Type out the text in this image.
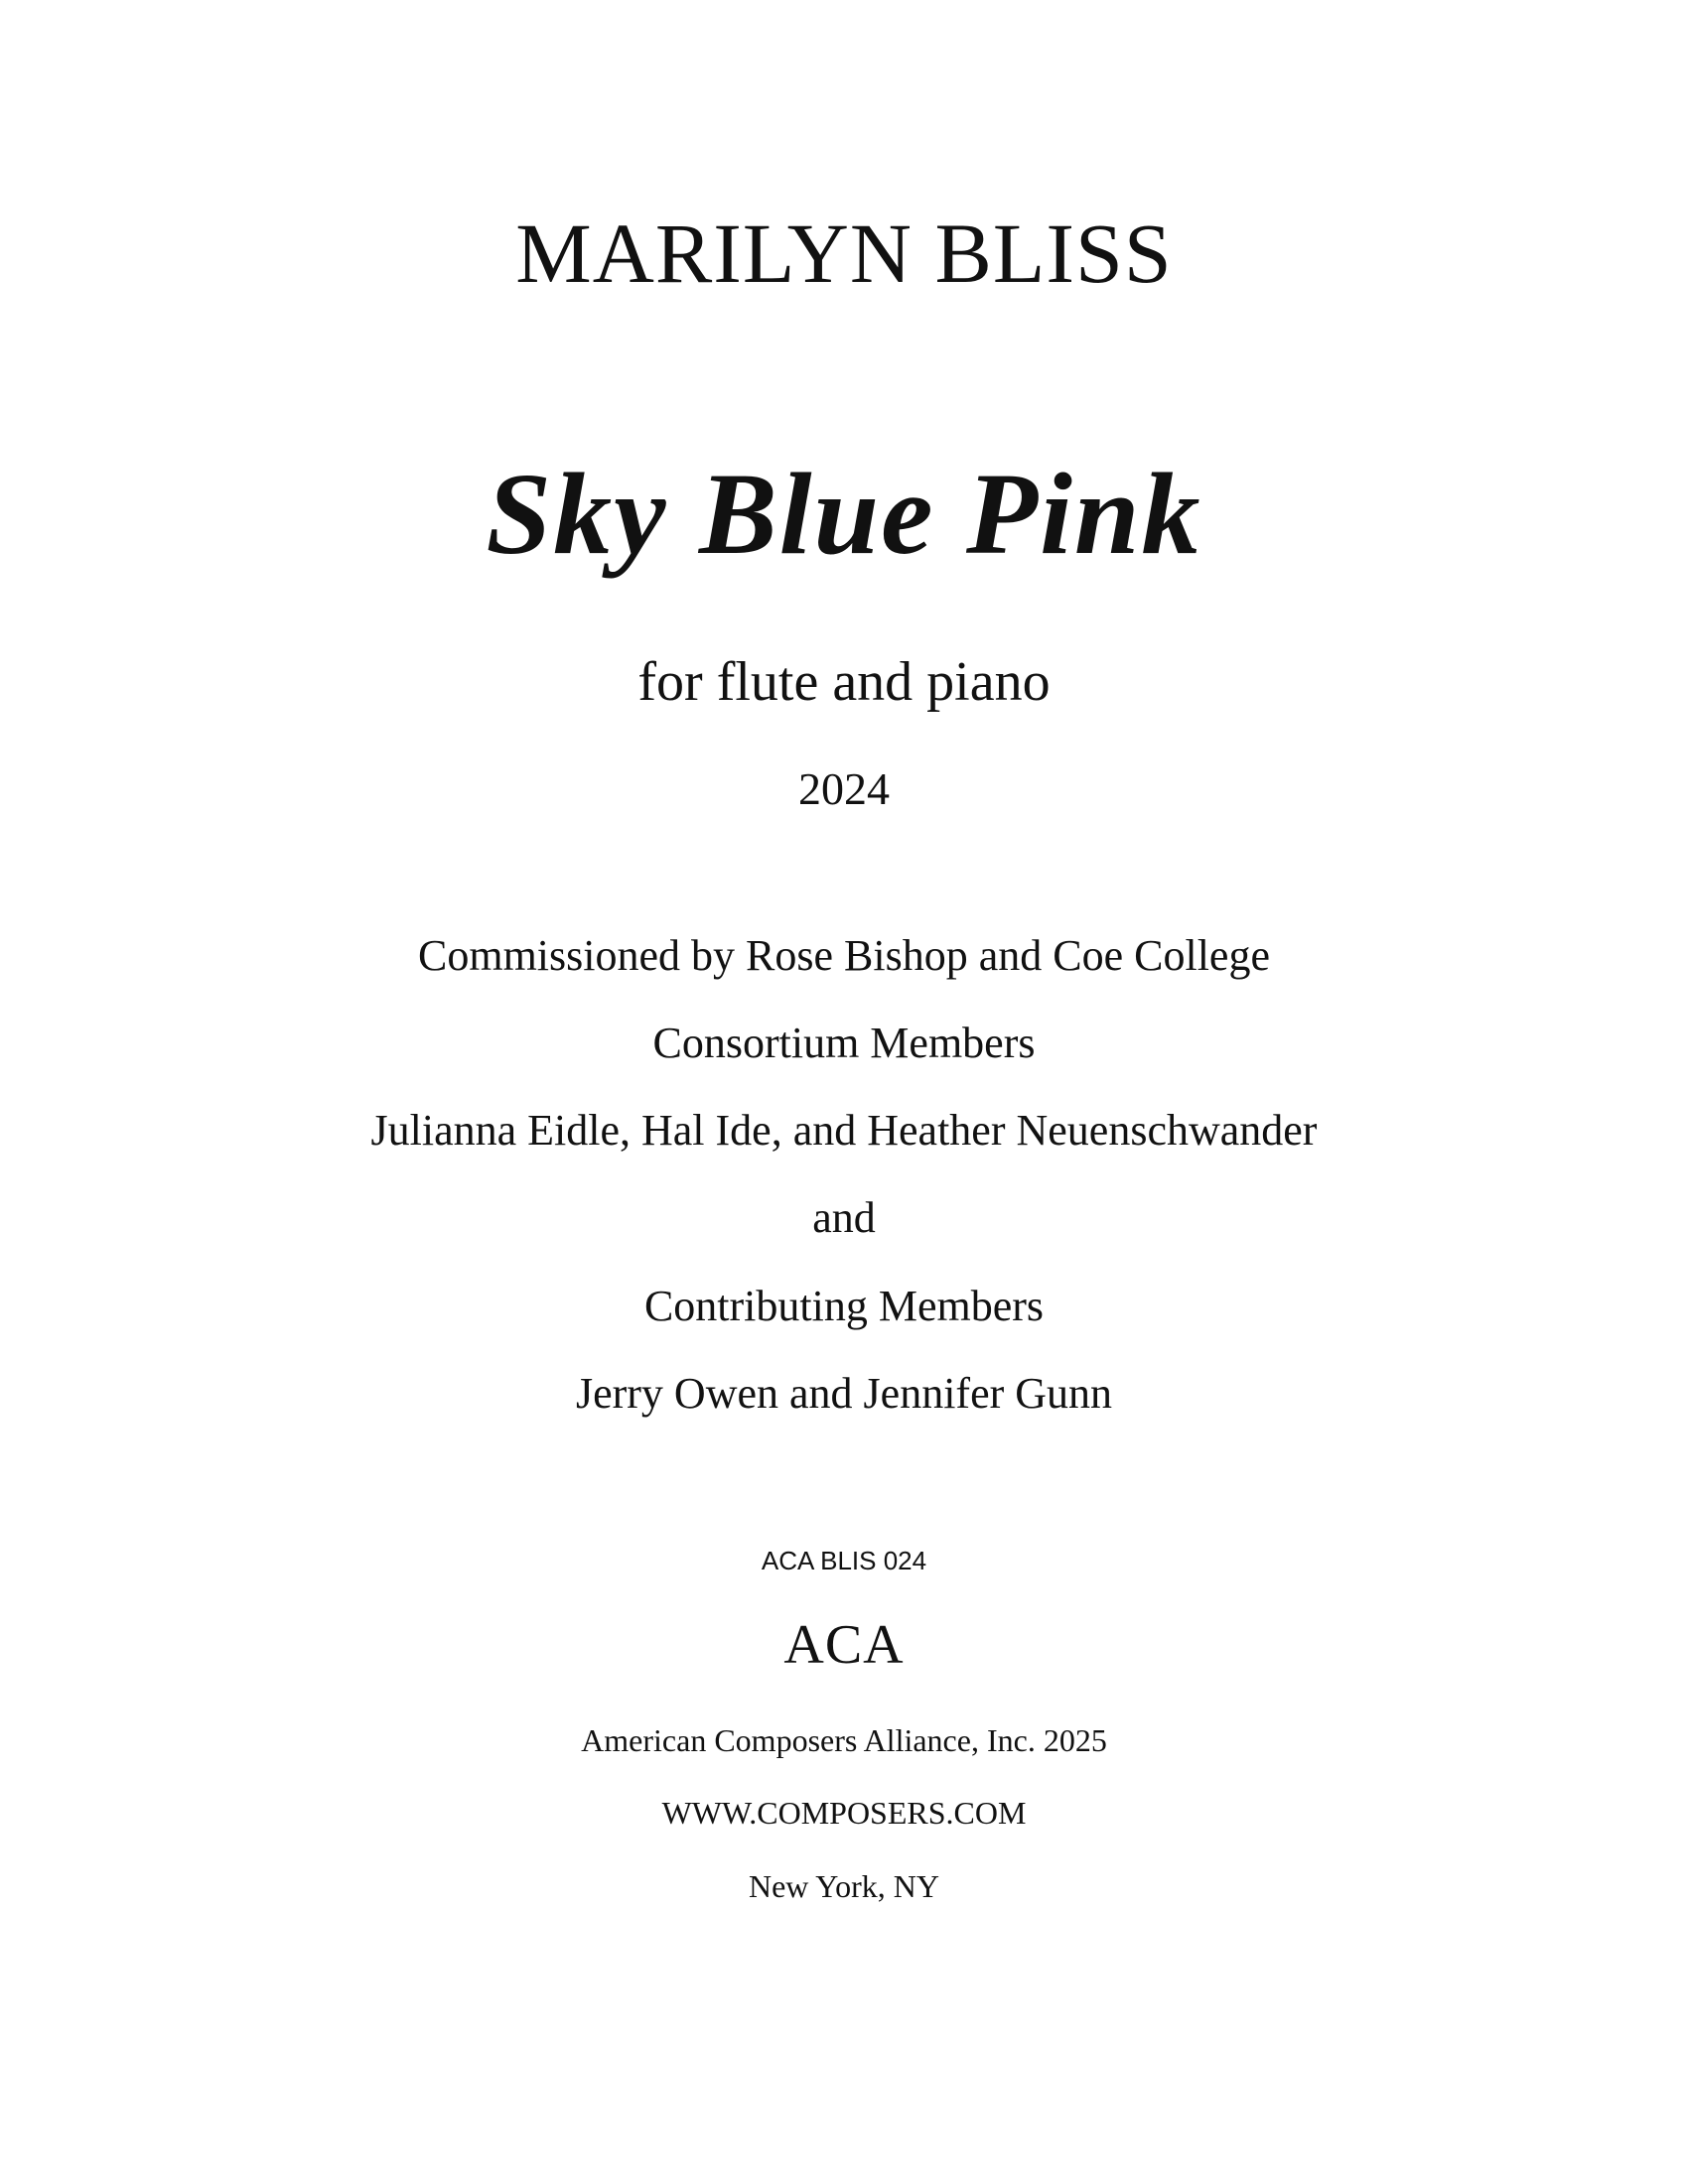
MARILYN BLISS
Sky Blue Pink
for flute and piano
2024
Commissioned by Rose Bishop and Coe College
Consortium Members
Julianna Eidle, Hal Ide, and Heather Neuenschwander
and
Contributing Members
Jerry Owen and Jennifer Gunn
ACA BLIS 024
ACA
American Composers Alliance, Inc. 2025
WWW.COMPOSERS.COM
New York, NY
